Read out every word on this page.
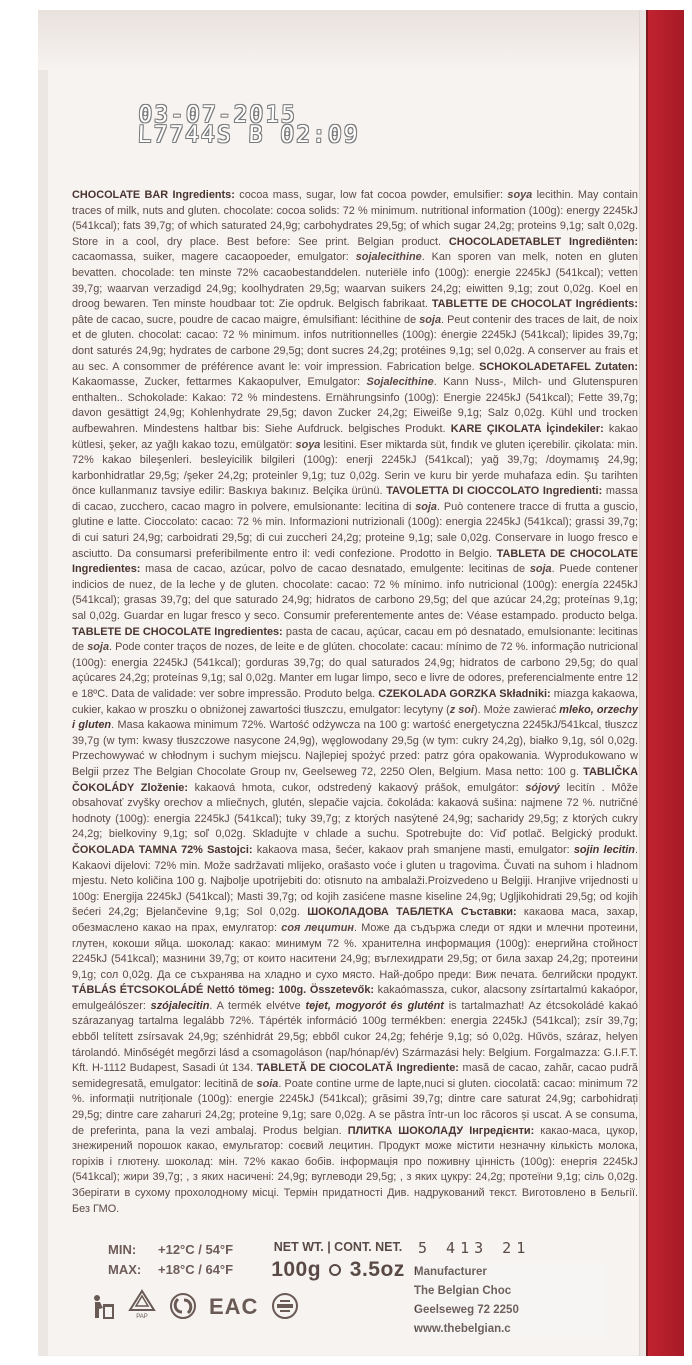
03-07-2015
L7744S B 02:09

CHOCOLATE BAR Ingredients: cocoa mass, sugar, low fat cocoa powder, emulsifier: soya lecithin. May contain traces of milk, nuts and gluten. chocolate: cocoa solids: 72 % minimum. nutritional information (100g): energy 2245kJ (541kcal); fats 39,7g; of which saturated 24,9g; carbohydrates 29,5g; of which sugar 24,2g; proteins 9,1g; salt 0,02g. Store in a cool, dry place. Best before: See print. Belgian product. CHOCOLADETABLET Ingrediënten: cacaomassa, suiker, magere cacaopoeder, emulgator: sojalecithine. Kan sporen van melk, noten en gluten bevatten. chocolade: ten minste 72% cacaobestanddelen. nuteriële info (100g): energie 2245kJ (541kcal); vetten 39,7g; waarvan verzadigd 24,9g; koolhydraten 29,5g; waarvan suikers 24,2g; eiwitten 9,1g; zout 0,02g. Koel en droog bewaren. Ten minste houdbaar tot: Zie opdruk. Belgisch fabrikaat. TABLETTE DE CHOCOLAT Ingrédients: pâte de cacao, sucre, poudre de cacao maigre, émulsifiant: lécithine de soja. Peut contenir des traces de lait, de noix et de gluten. chocolat: cacao: 72 % minimum. infos nutritionnelles (100g): énergie 2245kJ (541kcal); lipides 39,7g; dont saturés 24,9g; hydrates de carbone 29,5g; dont sucres 24,2g; protéines 9,1g; sel 0,02g. A conserver au frais et au sec. A consommer de préférence avant le: voir impression. Fabrication belge. SCHOKOLADETAFEL Zutaten: Kakaomasse, Zucker, fettarmes Kakaopulver, Emulgator: Sojalecithine. Kann Nuss-, Milch- und Glutenspuren enthalten.. Schokolade: Kakao: 72 % mindestens. Ernährungsinfo (100g): Energie 2245kJ (541kcal); Fette 39,7g; davon gesättigt 24,9g; Kohlenhydrate 29,5g; davon Zucker 24,2g; Eiweiße 9,1g; Salz 0,02g. Kühl und trocken aufbewahren. Mindestens haltbar bis: Siehe Aufdruck. belgisches Produkt. KARE ÇIKOLATA İçindekiler: kakao kütlesi, şeker, az yağlı kakao tozu, emülgatör: soya lesitini. Eser miktarda süt, fındık ve gluten içerebilir. çikolata: min. 72% kakao bileşenleri. besleyicilik bilgileri (100g): enerji 2245kJ (541kcal); yağ 39,7g; /doymamış 24,9g; karbonhidratlar 29,5g; /şeker 24,2g; proteinler 9,1g; tuz 0,02g. Serin ve kuru bir yerde muhafaza edin. Şu tarihten önce kullanmanız tavsiye edilir: Baskıya bakınız. Belçika ürünü. TAVOLETTA DI CIOCCOLATO Ingredienti: massa di cacao, zucchero, cacao magro in polvere, emulsionante: lecitina di soja. Può contenere tracce di frutta a guscio, glutine e latte. Cioccolato: cacao: 72 % min. Informazioni nutrizionali (100g): energia 2245kJ (541kcal); grassi 39,7g; di cui saturi 24,9g; carboidrati 29,5g; di cui zuccheri 24,2g; proteine 9,1g; sale 0,02g. Conservare in luogo fresco e asciutto. Da consumarsi preferibilmente entro il: vedi confezione. Prodotto in Belgio. TABLETA DE CHOCOLATE Ingredientes: masa de cacao, azúcar, polvo de cacao desnatado, emulgente: lecitinas de soja. Puede contener indicios de nuez, de la leche y de gluten. chocolate: cacao: 72 % mínimo. info nutricional (100g): energía 2245kJ (541kcal); grasas 39,7g; del que saturado 24,9g; hidratos de carbono 29,5g; del que azúcar 24,2g; proteínas 9,1g; sal 0,02g. Guardar en lugar fresco y seco. Consumir preferentemente antes de: Véase estampado. producto belga. TABLETE DE CHOCOLATE Ingredientes: pasta de cacau, açúcar, cacau em pó desnatado, emulsionante: lecitinas de soja. Pode conter traços de nozes, de leite e de glúten. chocolate: cacau: mínimo de 72 %. informação nutricional (100g): energia 2245kJ (541kcal); gorduras 39,7g; do qual saturados 24,9g; hidratos de carbono 29,5g; do qual açúcares 24,2g; proteínas 9,1g; sal 0,02g. Manter em lugar limpo, seco e livre de odores, preferencialmente entre 12 e 18ºC. Data de validade: ver sobre impressão. Produto belga. CZEKOLADA GORZKA Składniki: miazga kakaowa, cukier, kakao w proszku o obniżonej zawartości tłuszczu, emulgator: lecytyny (z soi). Może zawierać mleko, orzechy i gluten. Masa kakaowa minimum 72%. Wartość odżywcza na 100 g: wartość energetyczna 2245kJ/541kcal, tłuszcz 39,7g (w tym: kwasy tłuszczowe nasycone 24,9g), węglowodany 29,5g (w tym: cukry 24,2g), białko 9,1g, sól 0,02g. Przechowywać w chłodnym i suchym miejscu. Najlepiej spożyć przed: patrz góra opakowania. Wyprodukowano w Belgii przez The Belgian Chocolate Group nv, Geelseweg 72, 2250 Olen, Belgium. Masa netto: 100 g. TABLIČKA ČOKOLÁDY Zloženie: kakaová hmota, cukor, odstredený kakaový prášok, emulgátor: sójový lecitín . Môže obsahovať zvyšky orechov a mliečnych, glutén, slepačie vajcia. čokoláda: kakaová sušina: najmene 72 %. nutričné hodnoty (100g): energia 2245kJ (541kcal); tuky 39,7g; z ktorých nasýtené 24,9g; sacharidy 29,5g; z ktorých cukry 24,2g; bielkoviny 9,1g; soľ 0,02g. Skladujte v chlade a suchu. Spotrebujte do: Viď potlač. Belgický produkt. ČOKOLADA TAMNA 72% Sastojci: kakaova masa, šećer, kakaov prah smanjene masti, emulgator: sojin lecitin. Kakaovi dijelovi: 72% min. Može sadržavati mlijeko, orašasto voće i gluten u tragovima. Čuvati na suhom i hladnom mjestu. Neto količina 100 g. Najbolje upotrijebiti do: otisnuto na ambalaži.Proizvedeno u Belgiji. Hranjive vrijednosti u 100g: Energija 2245kJ (541kcal); Masti 39,7g; od kojih zasićene masne kiseline 24,9g; Ugljikohidrati 29,5g; od kojih šećeri 24,2g; Bjelančevine 9,1g; Sol 0,02g. ШОКОЛАДОВА ТАБЛЕТКА Съставки: какаова маса, захар, обезмаслено какао на прах, емулгатор: соя лецитин. Може да съдържа следи от ядки и млечни протеини, глутен, кокоши яйца. шоколад: какао: минимум 72 %. хранителна информация (100g): енергийна стойност 2245kJ (541kcal); мазнини 39,7g; от които наситени 24,9g; въглехидрати 29,5g; от била захар 24,2g; протеини 9,1g; сол 0,02g. Да се съхранява на хладно и сухо място. Най-добро преди: Виж печата. белгийски продукт. TÁBLÁS ÉTCSOKOLÁDÉ Nettó tömeg: 100g. Összetevők: kakaómassza, cukor, alacsony zsírtartalmú kakaópor, emulgeálószer: szójalecitin. A termék elvétve tejet, mogyorót és glutént is tartalmazhat! Az étcsokoládé kakaó szárazanyag tartalma legalább 72%. Tápérték információ 100g termékben: energia 2245kJ (541kcal); zsír 39,7g; ebből telített zsírsavak 24,9g; szénhidrát 29,5g; ebből cukor 24,2g; fehérje 9,1g; só 0,02g. Hűvös, száraz, helyen tárolandó. Minőségét megőrzi lásd a csomagoláson (nap/hónap/év) Származási hely: Belgium. Forgalmazza: G.I.F.T. Kft. H-1112 Budapest, Sasadi út 134. TABLETĂ DE CIOCOLATĂ Ingrediente: masă de cacao, zahăr, cacao pudră semidegresată, emulgator: lecitină de soia. Poate contine urme de lapte,nuci si gluten. ciocolată: cacao: minimum 72 %. informații nutriționale (100g): energie 2245kJ (541kcal); grăsimi 39,7g; dintre care saturat 24,9g; carbohidrați 29,5g; dintre care zaharuri 24,2g; proteine 9,1g; sare 0,02g. A se păstra într-un loc răcoros și uscat. A se consuma, de preferinta, pana la vezi ambalaj. Produs belgian. ПЛИТКА ШОКОЛАДУ Інгредієнти: какао-маса, цукор, знежирений порошок какао, емульгатор: соєвий лецитин. Продукт може містити незначну кількість молока, горіхів і глютену. шоколад: мін. 72% какао бобів. інформація про поживну цінність (100g): енергія 2245kJ (541kcal); жири 39,7g; , з яких насичені: 24,9g; вуглеводи 29,5g; , з яких цукру: 24,2g; протеїни 9,1g; сіль 0,02g. Зберігати в сухому прохолодному місці. Термін придатності Див. надрукований текст. Виготовлено в Бельгії. Без ГМО.

MIN:	+12°C / 54°F
MAX:	+18°C / 64°F
NET WT. | CONT. NET.
100g 3.5oz
5 413 21
Manufacturer
The Belgian Choc
Geelseweg 72 2250
www.thebelgian.c
PAP	EAC
